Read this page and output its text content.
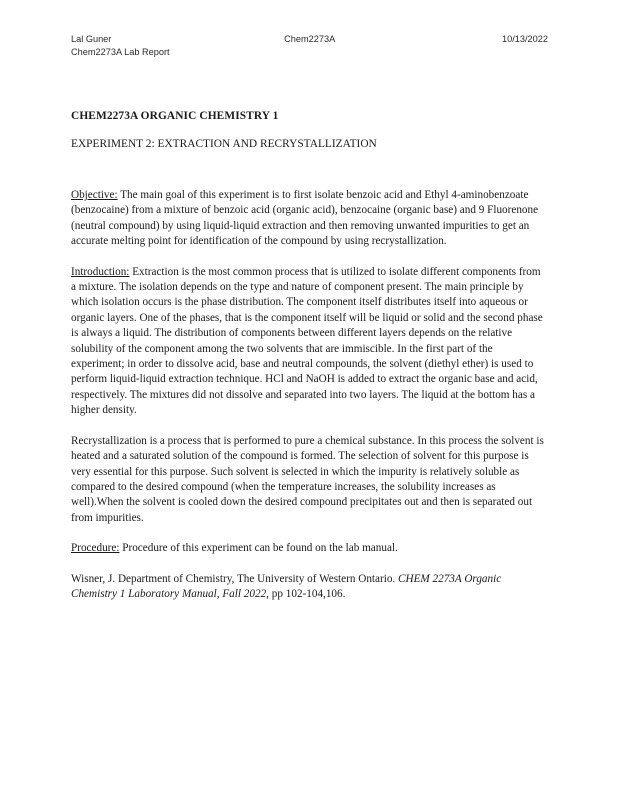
Lal Guner	Chem2273A	10/13/2022
Chem2273A Lab Report
CHEM2273A ORGANIC CHEMISTRY 1
EXPERIMENT 2: EXTRACTION AND RECRYSTALLIZATION

Objective: The main goal of this experiment is to first isolate benzoic acid and Ethyl 4-aminobenzoate (benzocaine) from a mixture of benzoic acid (organic acid), benzocaine (organic base) and 9 Fluorenone (neutral compound) by using liquid-liquid extraction and then removing unwanted impurities to get an accurate melting point for identification of the compound by using recrystallization.

Introduction: Extraction is the most common process that is utilized to isolate different components from a mixture. The isolation depends on the type and nature of component present. The main principle by which isolation occurs is the phase distribution. The component itself distributes itself into aqueous or organic layers. One of the phases, that is the component itself will be liquid or solid and the second phase is always a liquid. The distribution of components between different layers depends on the relative solubility of the component among the two solvents that are immiscible. In the first part of the experiment; in order to dissolve acid, base and neutral compounds, the solvent (diethyl ether) is used to perform liquid-liquid extraction technique. HCl and NaOH is added to extract the organic base and acid, respectively. The mixtures did not dissolve and separated into two layers. The liquid at the bottom has a higher density.

Recrystallization is a process that is performed to pure a chemical substance. In this process the solvent is heated and a saturated solution of the compound is formed. The selection of solvent for this purpose is very essential for this purpose. Such solvent is selected in which the impurity is relatively soluble as compared to the desired compound (when the temperature increases, the solubility increases as well).When the solvent is cooled down the desired compound precipitates out and then is separated out from impurities.

Procedure: Procedure of this experiment can be found on the lab manual.

Wisner, J. Department of Chemistry, The University of Western Ontario. CHEM 2273A Organic Chemistry 1 Laboratory Manual, Fall 2022, pp 102-104,106.
